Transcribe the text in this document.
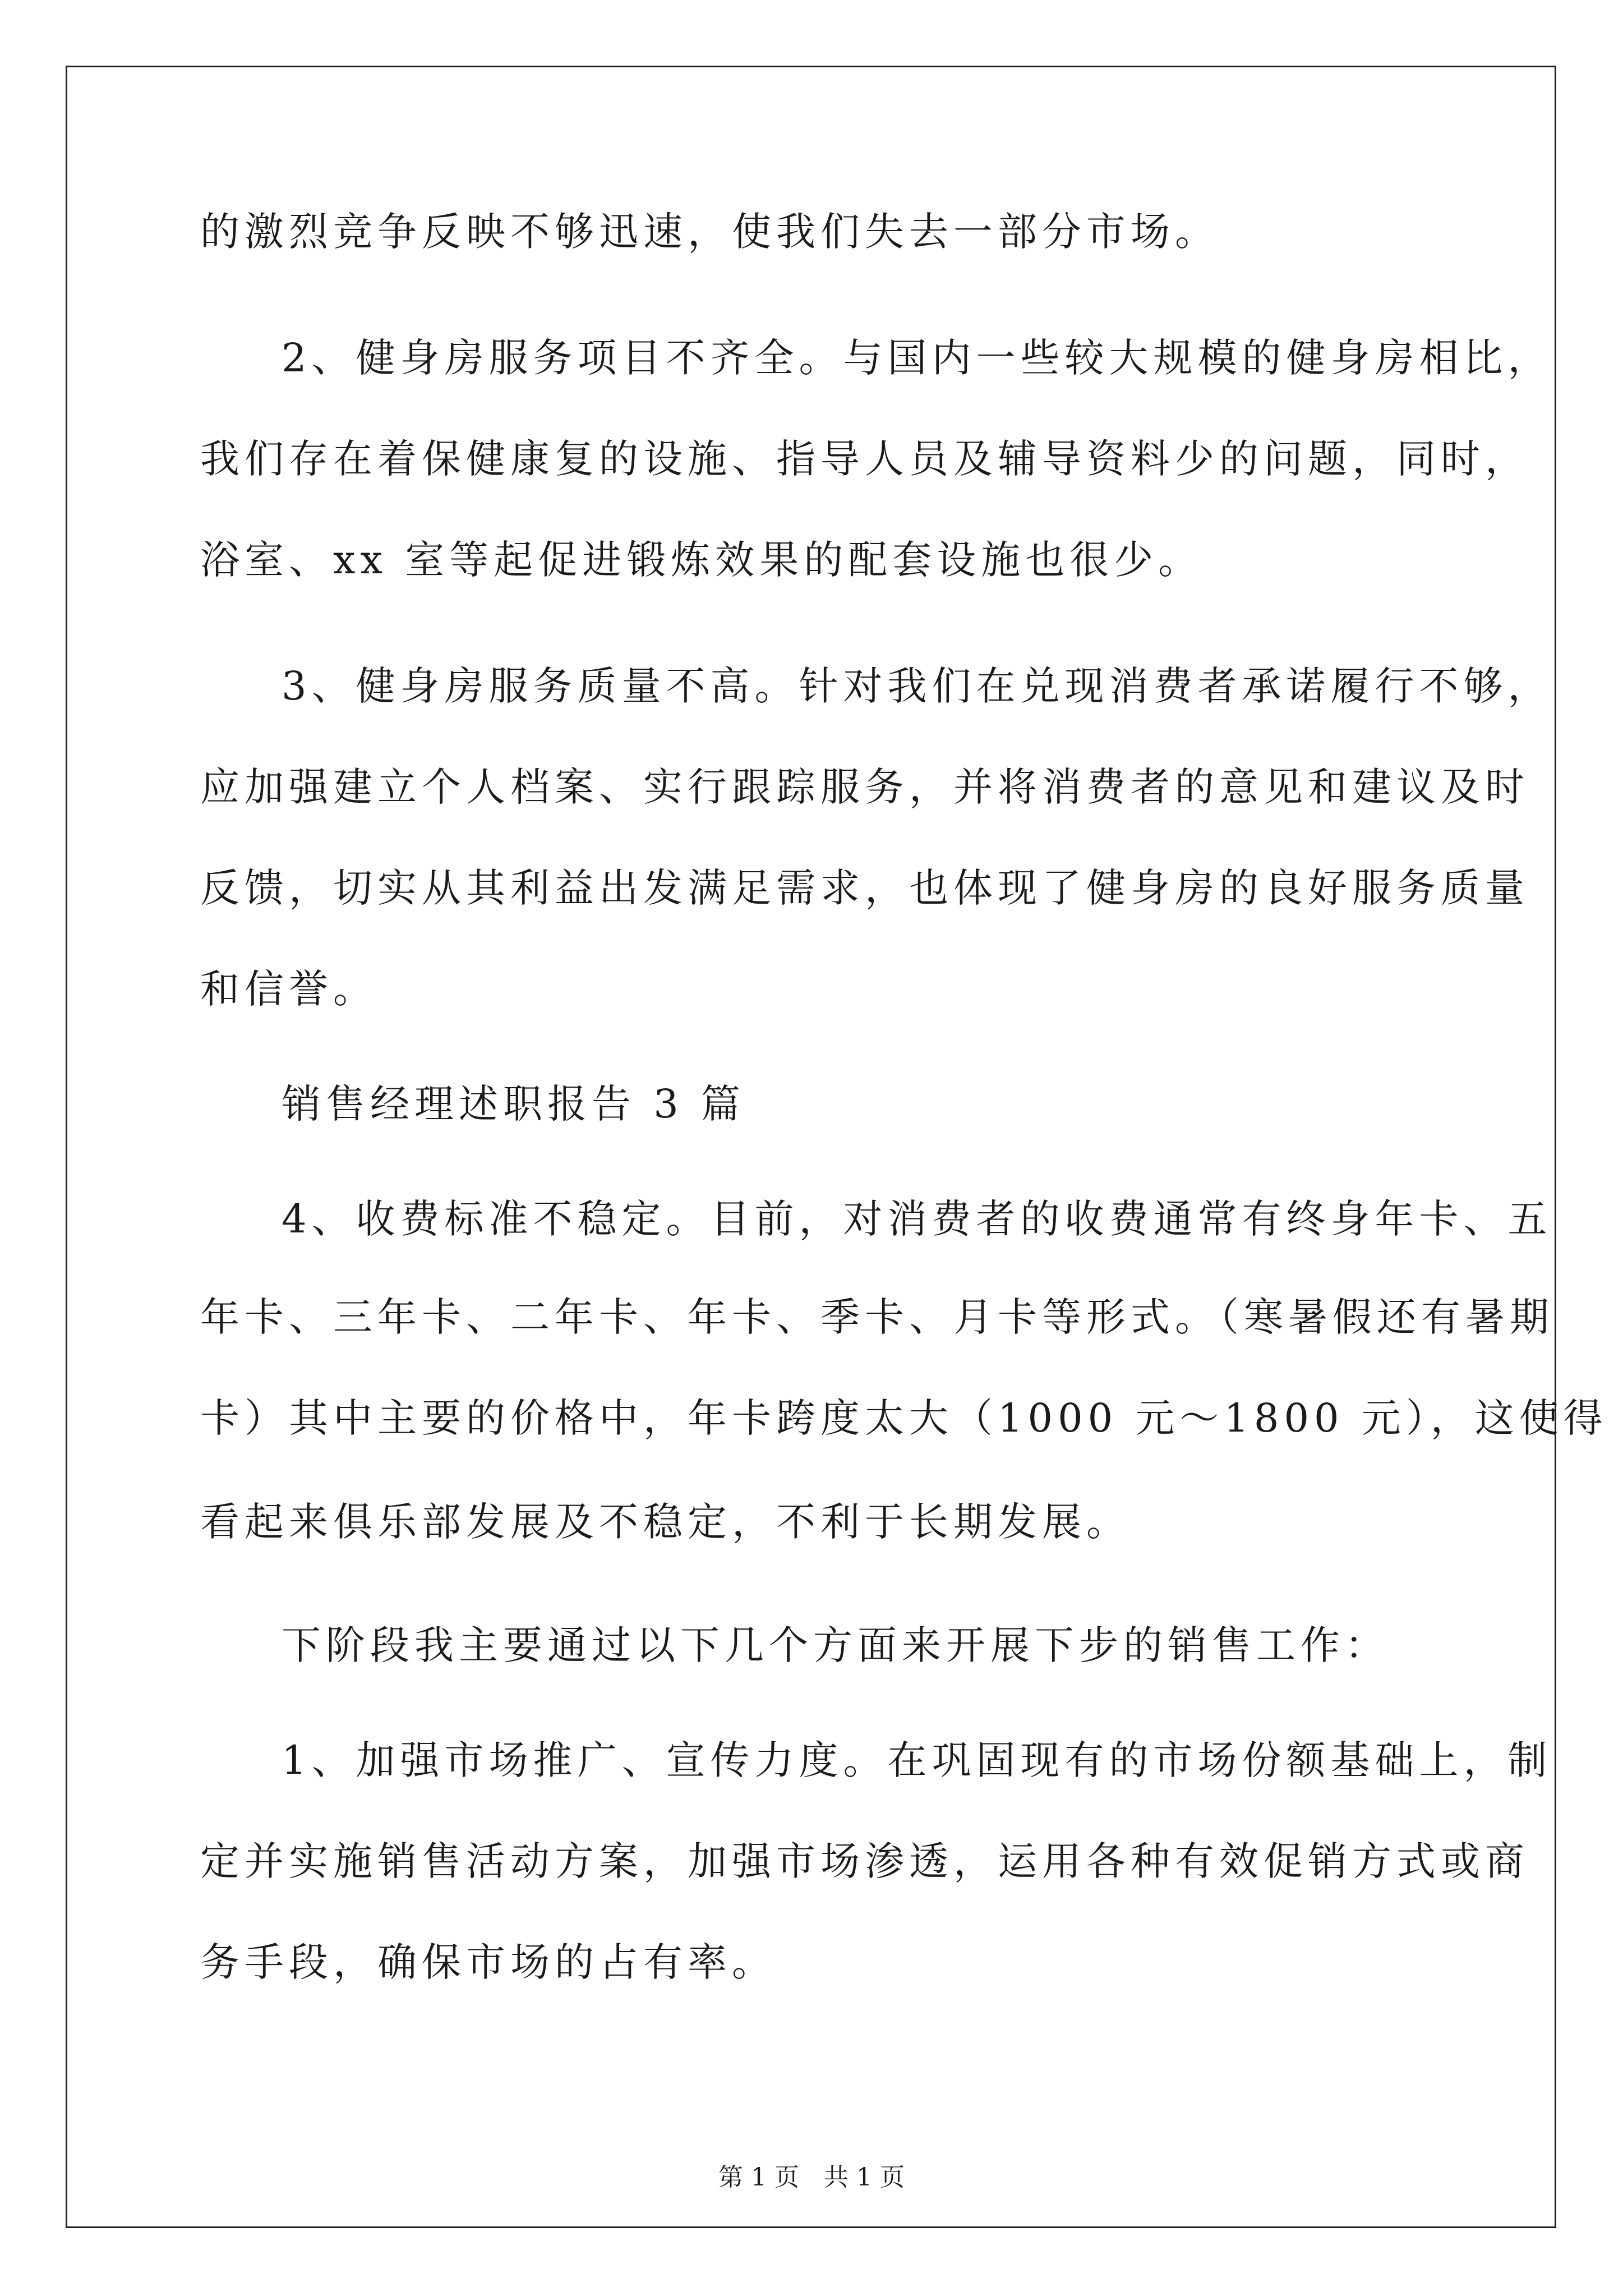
的激烈竞争反映不够迅速，使我们失去一部分市场。
2、健身房服务项目不齐全。与国内一些较大规模的健身房相比，
我们存在着保健康复的设施、指导人员及辅导资料少的问题，同时，
浴室、xx 室等起促进锻炼效果的配套设施也很少。
3、健身房服务质量不高。针对我们在兑现消费者承诺履行不够，
应加强建立个人档案、实行跟踪服务，并将消费者的意见和建议及时
反馈，切实从其利益出发满足需求，也体现了健身房的良好服务质量
和信誉。
销售经理述职报告 3 篇
4、收费标准不稳定。目前，对消费者的收费通常有终身年卡、五
年卡、三年卡、二年卡、年卡、季卡、月卡等形式。（寒暑假还有暑期
卡）其中主要的价格中，年卡跨度太大（1000 元～1800 元），这使得
看起来俱乐部发展及不稳定，不利于长期发展。
下阶段我主要通过以下几个方面来开展下步的销售工作：
1、加强市场推广、宣传力度。在巩固现有的市场份额基础上，制
定并实施销售活动方案，加强市场渗透，运用各种有效促销方式或商
务手段，确保市场的占有率。
第 1 页　共 1 页
